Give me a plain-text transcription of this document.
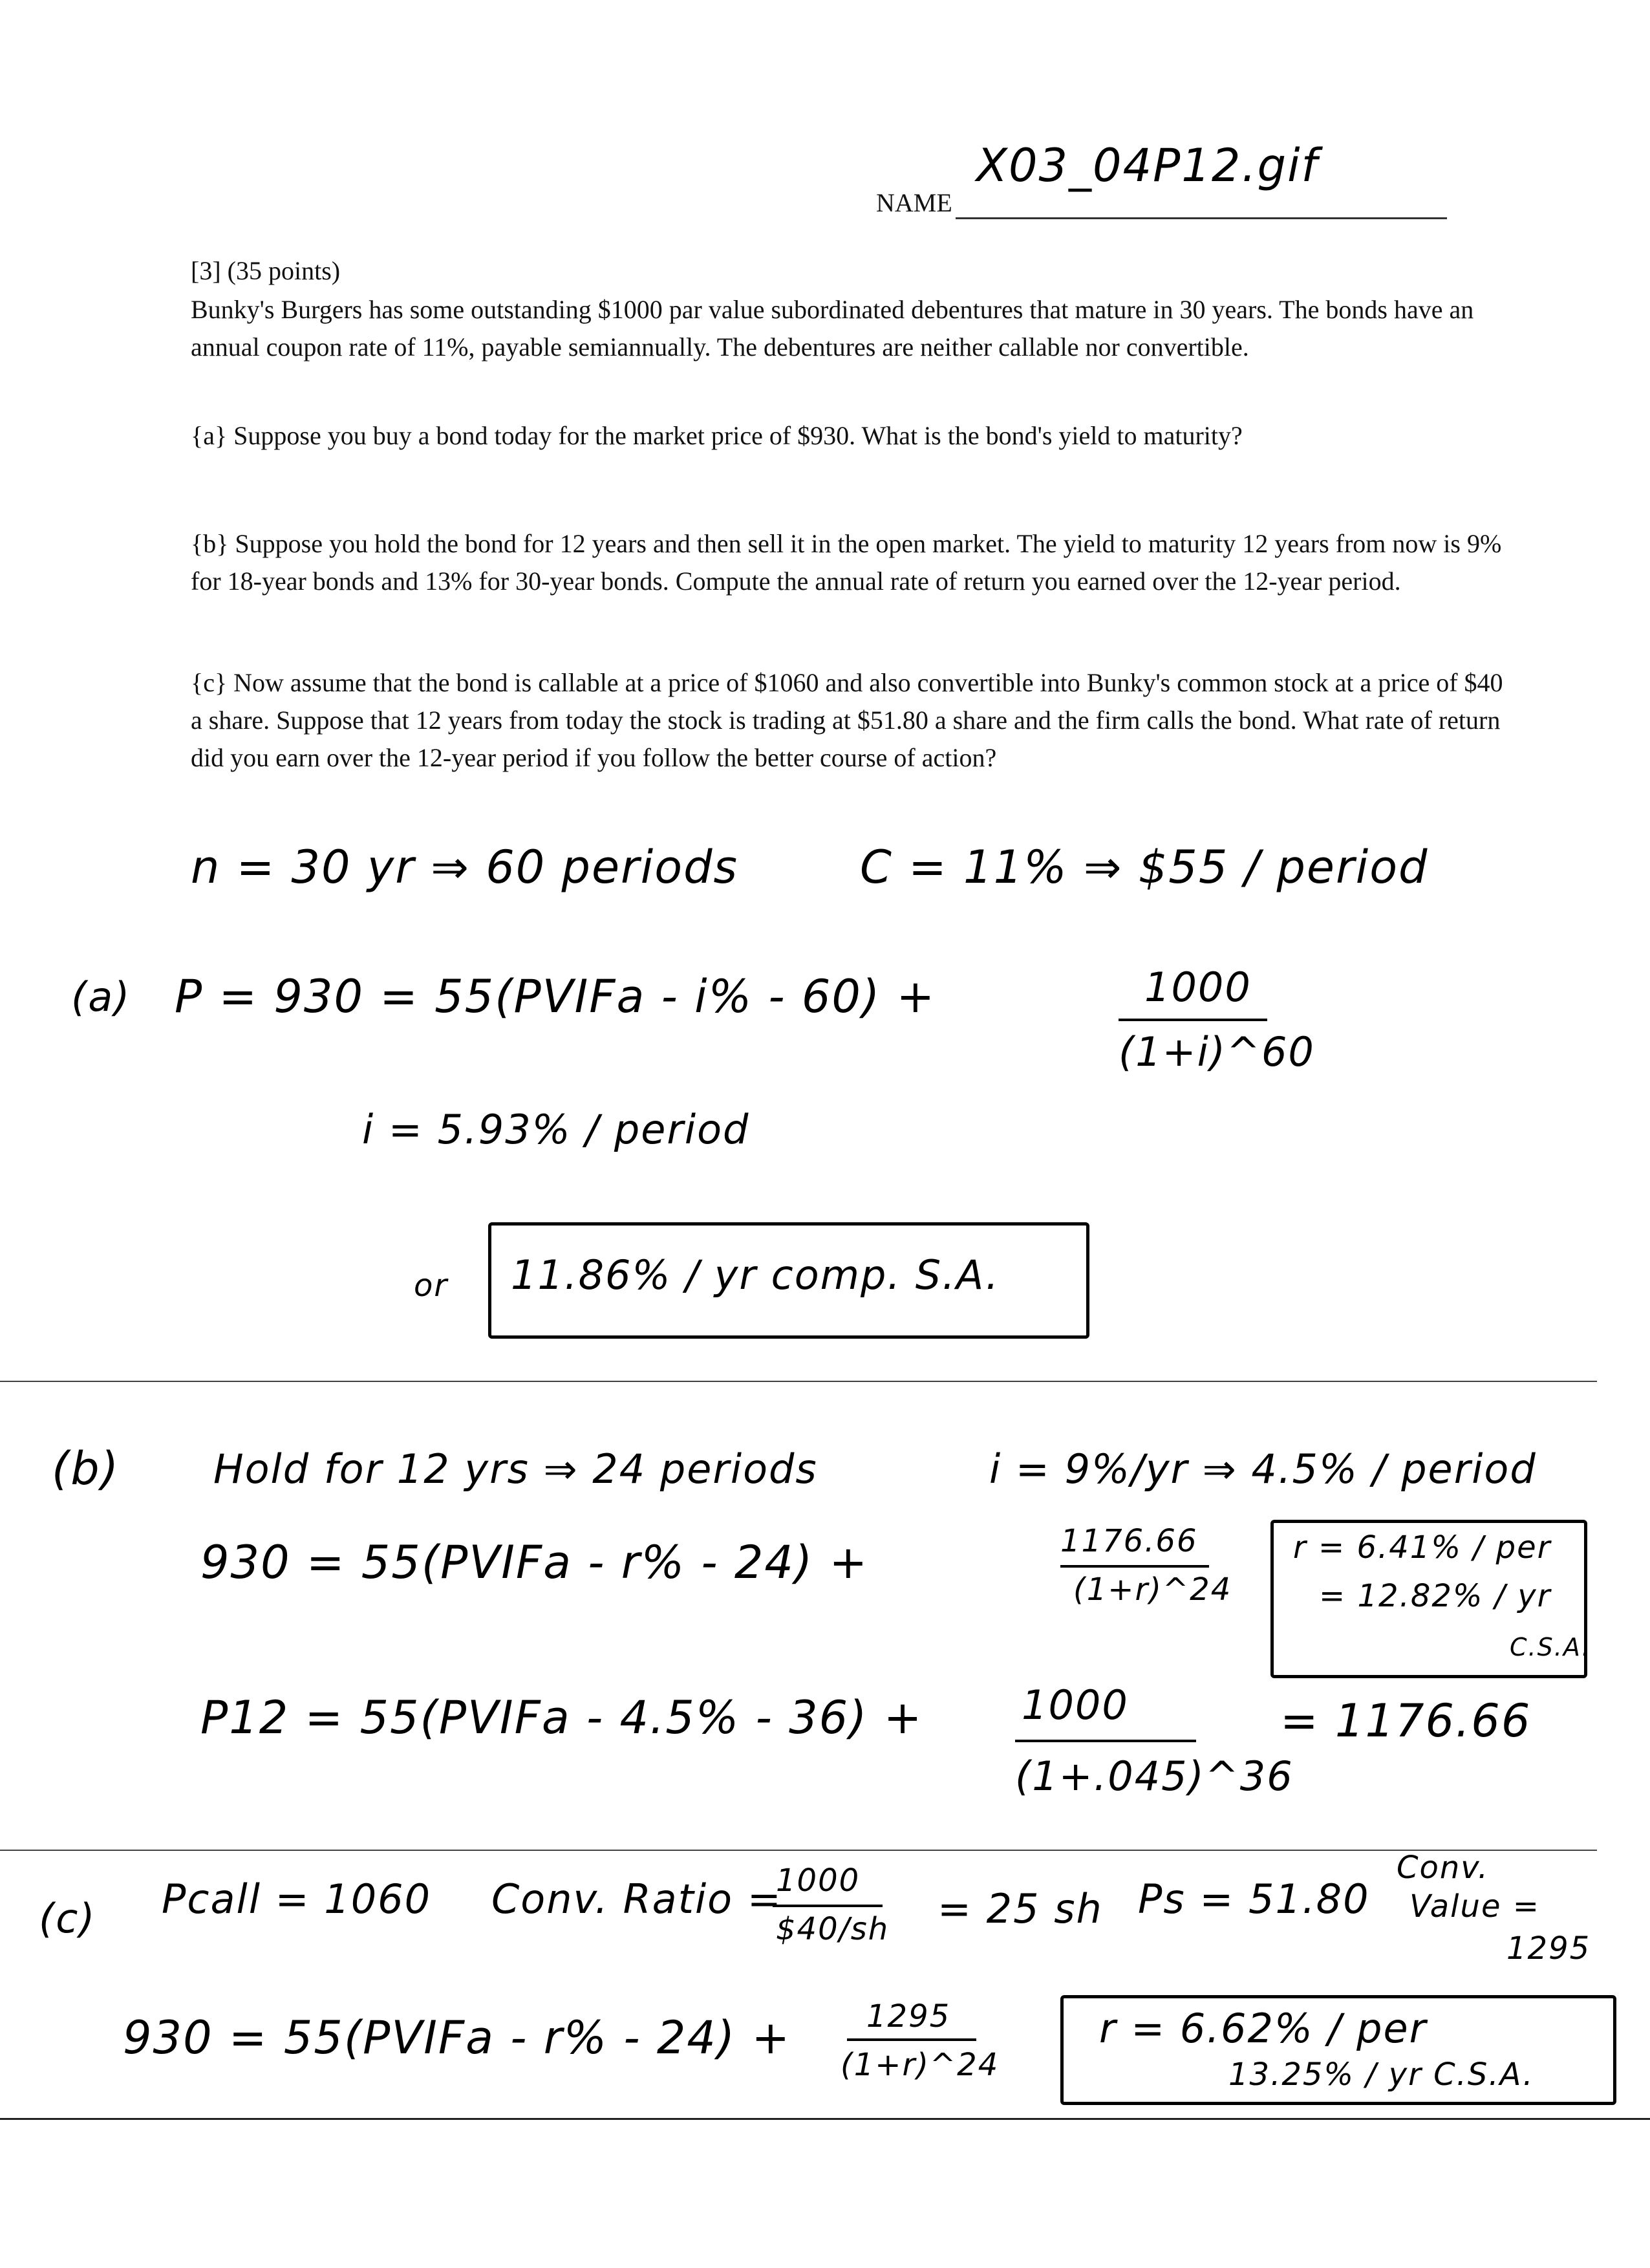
NAME
X03_04P12.gif
[3] (35 points)
Bunky's Burgers has some outstanding $1000 par value subordinated debentures that mature in 30 years. The bonds have an annual coupon rate of 11%, payable semiannually. The debentures are neither callable nor convertible.
{a} Suppose you buy a bond today for the market price of $930. What is the bond's yield to maturity?
{b} Suppose you hold the bond for 12 years and then sell it in the open market. The yield to maturity 12 years from now is 9% for 18-year bonds and 13% for 30-year bonds. Compute the annual rate of return you earned over the 12-year period.
{c} Now assume that the bond is callable at a price of $1060 and also convertible into Bunky's common stock at a price of $40 a share. Suppose that 12 years from today the stock is trading at $51.80 a share and the firm calls the bond. What rate of return did you earn over the 12-year period if you follow the better course of action?
n = 30 yr ⇒ 60 periods	C = 11% ⇒ $55 / period
(a) P = 930 = 55(PVIFa - i% - 60) +	1000
(1+i)^60
i = 5.93% / period
or 11.86% / yr comp. S.A.
(b) Hold for 12 yrs ⇒ 24 periods	i = 9%/yr ⇒ 4.5% / period
930 = 55(PVIFa - r% - 24) +	1176.66
(1+r)^24
r = 6.41% / per
= 12.82% / yr
C.S.A.
P12 = 55(PVIFa - 4.5% - 36) + 1000
(1+.045)^36
= 1176.66
(c) Pcall = 1060 Conv. Ratio =
1000
$40/sh = 25 sh Ps = 51.80
Conv.
Value =
1295
930 = 55(PVIFa - r% - 24) + 1295
(1+r)^24
r = 6.62% / per
13.25% / yr C.S.A.
